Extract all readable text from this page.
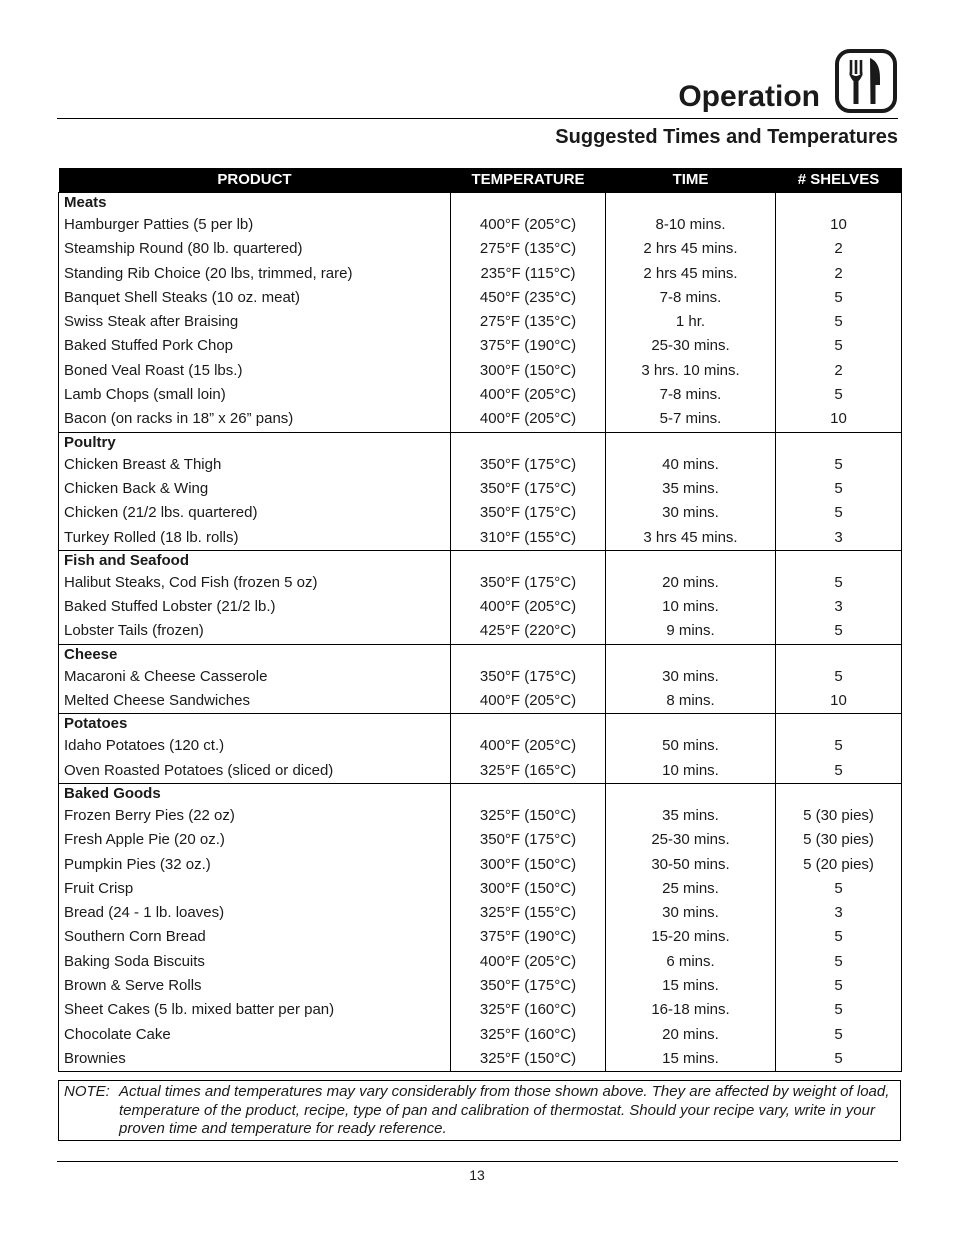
Operation
Suggested Times and Temperatures
PRODUCT	TEMPERATURE	TIME	# SHELVES
Meats			
Hamburger Patties (5 per lb)	400°F (205°C)	8-10 mins.	10
Steamship Round (80 lb. quartered)	275°F (135°C)	2 hrs 45 mins.	2
Standing Rib Choice (20 lbs, trimmed, rare)	235°F (115°C)	2 hrs 45 mins.	2
Banquet Shell Steaks (10 oz. meat)	450°F (235°C)	7-8 mins.	5
Swiss Steak after Braising	275°F (135°C)	1 hr.	5
Baked Stuffed Pork Chop	375°F (190°C)	25-30 mins.	5
Boned Veal Roast (15 lbs.)	300°F (150°C)	3 hrs. 10 mins.	2
Lamb Chops (small loin)	400°F (205°C)	7-8 mins.	5
Bacon (on racks in 18” x 26” pans)	400°F (205°C)	5-7 mins.	10
Poultry			
Chicken Breast & Thigh	350°F (175°C)	40 mins.	5
Chicken Back & Wing	350°F (175°C)	35 mins.	5
Chicken (21/2 lbs. quartered)	350°F (175°C)	30 mins.	5
Turkey Rolled (18 lb. rolls)	310°F (155°C)	3 hrs 45 mins.	3
Fish and Seafood			
Halibut Steaks, Cod Fish (frozen 5 oz)	350°F (175°C)	20 mins.	5
Baked Stuffed Lobster (21/2 lb.)	400°F (205°C)	10 mins.	3
Lobster Tails (frozen)	425°F (220°C)	9 mins.	5
Cheese			
Macaroni & Cheese Casserole	350°F (175°C)	30 mins.	5
Melted Cheese Sandwiches	400°F (205°C)	8 mins.	10
Potatoes			
Idaho Potatoes (120 ct.)	400°F (205°C)	50 mins.	5
Oven Roasted Potatoes (sliced or diced)	325°F (165°C)	10 mins.	5
Baked Goods			
Frozen Berry Pies (22 oz)	325°F (150°C)	35 mins.	5 (30 pies)
Fresh Apple Pie (20 oz.)	350°F (175°C)	25-30 mins.	5 (30 pies)
Pumpkin Pies (32 oz.)	300°F (150°C)	30-50 mins.	5 (20 pies)
Fruit Crisp	300°F (150°C)	25 mins.	5
Bread (24 - 1 lb. loaves)	325°F (155°C)	30 mins.	3
Southern Corn Bread	375°F (190°C)	15-20 mins.	5
Baking Soda Biscuits	400°F (205°C)	6 mins.	5
Brown & Serve Rolls	350°F (175°C)	15 mins.	5
Sheet Cakes (5 lb. mixed batter per pan)	325°F (160°C)	16-18 mins.	5
Chocolate Cake	325°F (160°C)	20 mins.	5
Brownies	325°F (150°C)	15 mins.	5
NOTE: Actual times and temperatures may vary considerably from those shown above. They are affected by weight of load, temperature of the product, recipe, type of pan and calibration of thermostat. Should your recipe vary, write in your proven time and temperature for ready reference.
13
